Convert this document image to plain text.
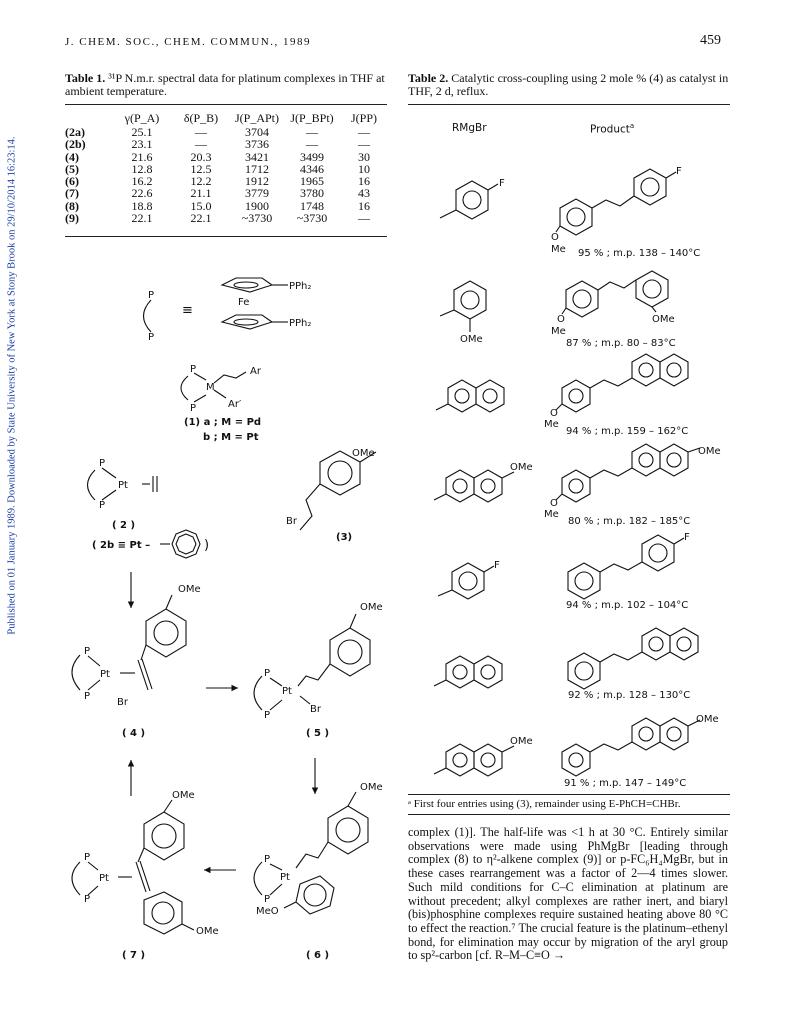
Published on 01 January 1989. Downloaded by State University of New York at Stony Brook on 29/10/2014 16:23:14.
J. CHEM. SOC., CHEM. COMMUN., 1989	459
Table 1. ³¹P N.m.r. spectral data for platinum complexes in THF at ambient temperature.
	γ(P_A)	δ(P_B)	J(P_APt)	J(P_BPt)	J(PP)
(2a)	25.1	—	3704	—	—
(2b)	23.1	—	3736	—	—
(4)	21.6	20.3	3421	3499	30
(5)	12.8	12.5	1712	4346	10
(6)	16.2	12.2	1912	1965	16
(7)	22.6	21.1	3779	3780	43
(8)	18.8	15.0	1900	1748	16
(9)	22.1	22.1	~3730	~3730	—
Table 2. Catalytic cross-coupling using 2 mole % (4) as catalyst in THF, 2 d, reflux.
RMgBr	Product$^a$
P
P
≡
PPh₂
Fe
PPh₂
P
M
P
Ar
Ar′
(1) a ; M = Pd
b ; M = Pt
P
Pt
P
( 2 )
( 2b ≡ Pt –	)
OMe
Br
(3)
OMe
P
Pt
P
Br
( 4 )
OMe
P
Pt
P
Br
( 5 )
OMe
P
Pt
P
MeO
( 6 )
OMe
P
Pt
P
OMe
( 7 )
F
OMe
OMe
F
OMe
O
Me
F
O
Me
OMe
O
Me
OMe
O
Me
F
OMe
95 % ; m.p. 138 – 140°C
87 % ; m.p. 80 – 83°C
94 % ; m.p. 159 – 162°C
80 % ; m.p. 182 – 185°C
94 % ; m.p. 102 – 104°C
92 % ; m.p. 128 – 130°C
91 % ; m.p. 147 – 149°C
ᵃ First four entries using (3), remainder using E-PhCH=CHBr.
complex (1)]. The half-life was <1 h at 30 °C. Entirely similar observations were made using PhMgBr [leading through complex (8) to η²-alkene complex (9)] or p-FC₆H₄MgBr, but in these cases rearrangement was a factor of 2—4 times slower. Such mild conditions for C–C elimination at platinum are without precedent; alkyl complexes are rather inert, and biaryl (bis)phosphine complexes require sustained heating above 80 °C to effect the reaction.⁷ The crucial feature is the platinum–ethenyl bond, for elimination may occur by migration of the aryl group to sp²-carbon [cf. R–M–C≡O →
